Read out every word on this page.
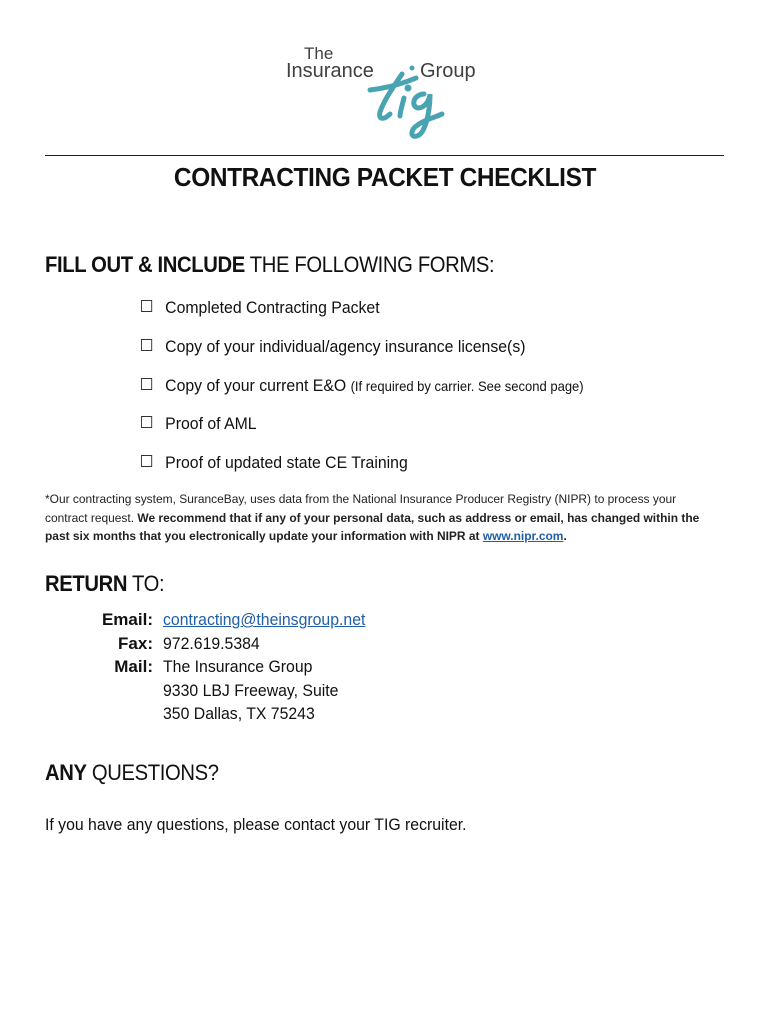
The
Insurance Group
CONTRACTING PACKET CHECKLIST
FILL OUT & INCLUDE THE FOLLOWING FORMS:
Completed Contracting Packet
Copy of your individual/agency insurance license(s)
Copy of your current E&O (If required by carrier. See second page)
Proof of AML
Proof of updated state CE Training
*Our contracting system, SuranceBay, uses data from the National Insurance Producer Registry (NIPR) to process your contract request. We recommend that if any of your personal data, such as address or email, has changed within the past six months that you electronically update your information with NIPR at www.nipr.com.
RETURN TO:
Email: contracting@theinsgroup.net
Fax: 972.619.5384
Mail: The Insurance Group
9330 LBJ Freeway, Suite
350 Dallas, TX 75243
ANY QUESTIONS?
If you have any questions, please contact your TIG recruiter.
